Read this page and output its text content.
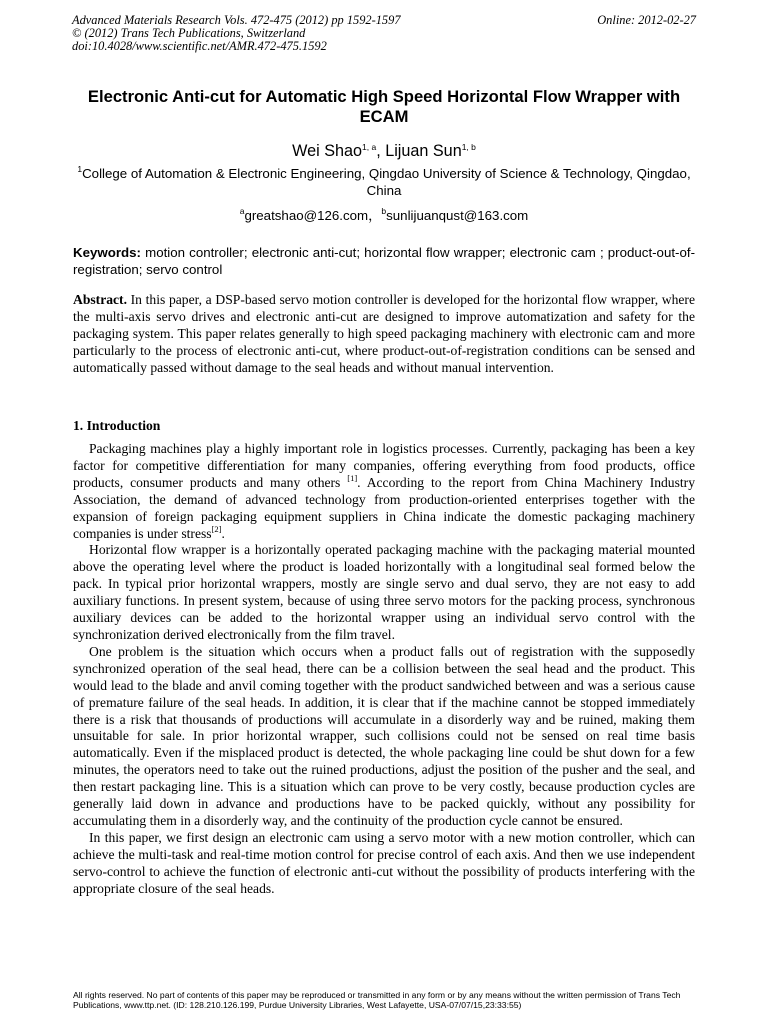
Advanced Materials Research Vols. 472-475 (2012) pp 1592-1597	Online: 2012-02-27
© (2012) Trans Tech Publications, Switzerland
doi:10.4028/www.scientific.net/AMR.472-475.1592
Electronic Anti-cut for Automatic High Speed Horizontal Flow Wrapper with ECAM
Wei Shao$^{1, a}$, Lijuan Sun$^{1, b}$
$^1$College of Automation & Electronic Engineering, Qingdao University of Science & Technology, Qingdao, China
$^a$greatshao@126.com，$^b$sunlijuanqust@163.com
Keywords: motion controller; electronic anti-cut; horizontal flow wrapper; electronic cam ; product-out-of-registration; servo control
Abstract. In this paper, a DSP-based servo motion controller is developed for the horizontal flow wrapper, where the multi-axis servo drives and electronic anti-cut are designed to improve automatization and safety for the packaging system. This paper relates generally to high speed packaging machinery with electronic cam and more particularly to the process of electronic anti-cut, where product-out-of-registration conditions can be sensed and automatically passed without damage to the seal heads and without manual intervention.
1. Introduction

Packaging machines play a highly important role in logistics processes. Currently, packaging has been a key factor for competitive differentiation for many companies, offering everything from food products, office products, consumer products and many others [1]. According to the report from China Machinery Industry Association, the demand of advanced technology from production-oriented enterprises together with the expansion of foreign packaging equipment suppliers in China indicate the domestic packaging machinery companies is under stress[2].

Horizontal flow wrapper is a horizontally operated packaging machine with the packaging material mounted above the operating level where the product is loaded horizontally with a longitudinal seal formed below the pack. In typical prior horizontal wrappers, mostly are single servo and dual servo, they are not easy to add auxiliary functions. In present system, because of using three servo motors for the packing process, synchronous auxiliary devices can be added to the horizontal wrapper using an individual servo control with the synchronization derived electronically from the film travel.

One problem is the situation which occurs when a product falls out of registration with the supposedly synchronized operation of the seal head, there can be a collision between the seal head and the product. This would lead to the blade and anvil coming together with the product sandwiched between and was a serious cause of premature failure of the seal heads. In addition, it is clear that if the machine cannot be stopped immediately there is a risk that thousands of productions will accumulate in a disorderly way and be ruined, making them unsuitable for sale. In prior horizontal wrapper, such collisions could not be sensed on real time basis automatically. Even if the misplaced product is detected, the whole packaging line could be shut down for a few minutes, the operators need to take out the ruined productions, adjust the position of the pusher and the seal, and then restart packaging line. This is a situation which can prove to be very costly, because production cycles are generally laid down in advance and productions have to be packed quickly, without any possibility for accumulating them in a disorderly way, and the continuity of the production cycle cannot be ensured.

In this paper, we first design an electronic cam using a servo motor with a new motion controller, which can achieve the multi-task and real-time motion control for precise control of each axis. And then we use independent servo-control to achieve the function of electronic anti-cut without the possibility of products interfering with the appropriate closure of the seal heads.

All rights reserved. No part of contents of this paper may be reproduced or transmitted in any form or by any means without the written permission of Trans Tech Publications, www.ttp.net. (ID: 128.210.126.199, Purdue University Libraries, West Lafayette, USA-07/07/15,23:33:55)
